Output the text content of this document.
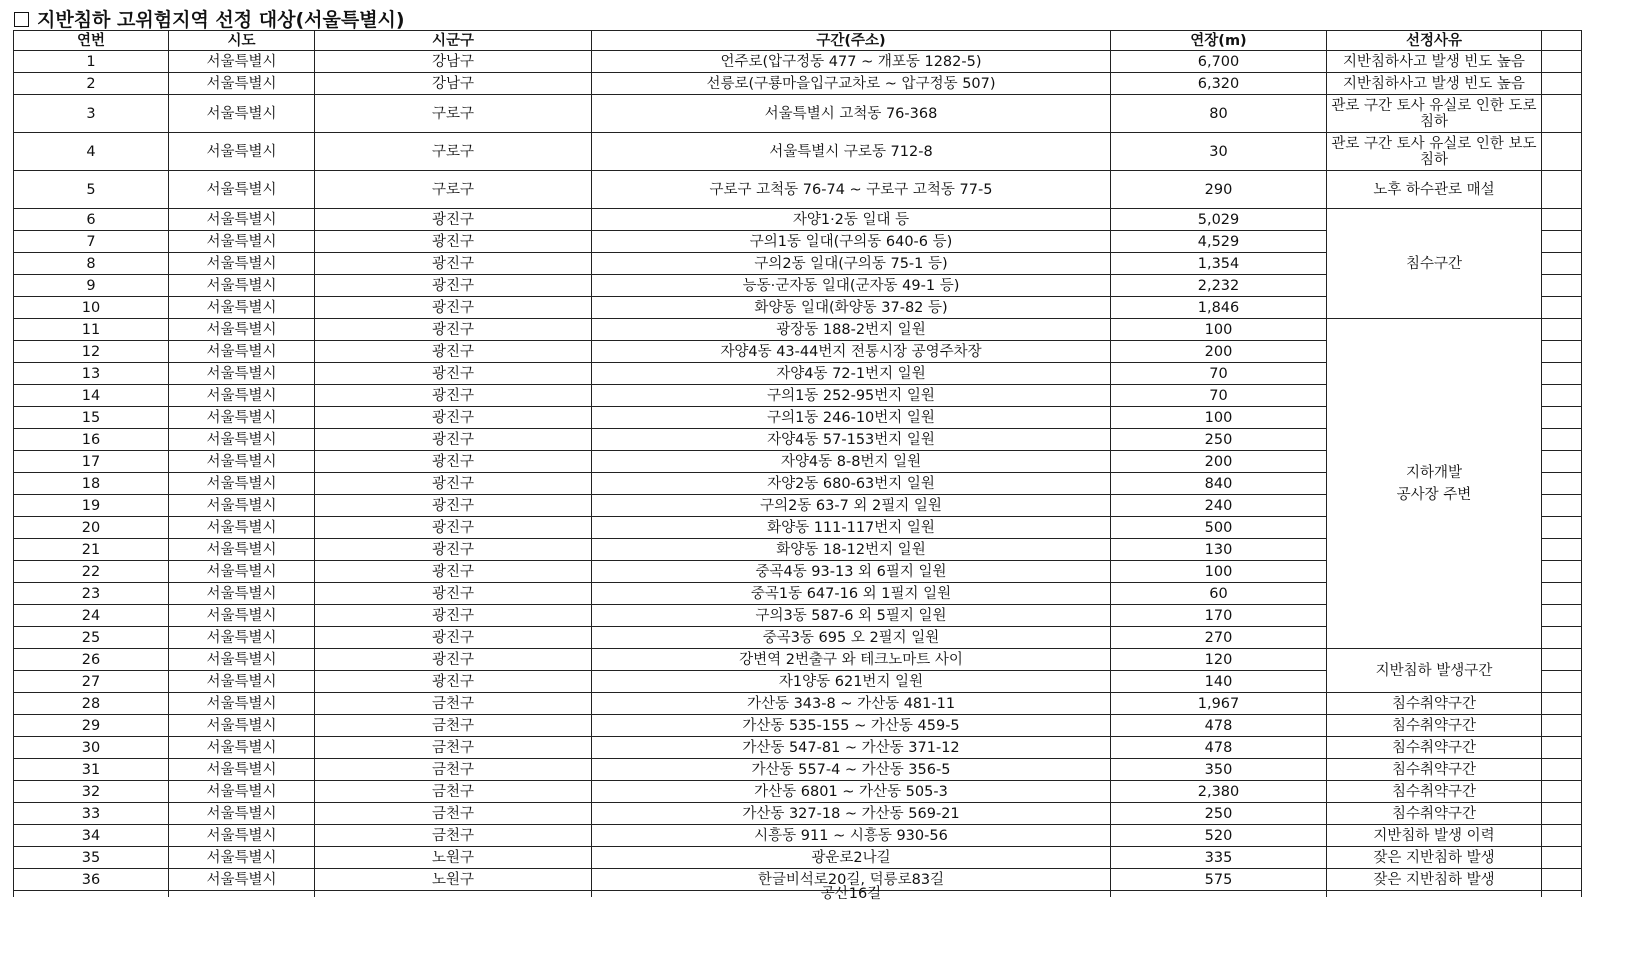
지반침하 고위험지역 선정 대상(서울특별시)
연번	시도	시군구	구간(주소)	연장(m)	선정사유	
1	서울특별시	강남구	언주로(압구정동 477 ~ 개포동 1282-5)	6,700	지반침하사고 발생 빈도 높음	
2	서울특별시	강남구	선릉로(구룡마을입구교차로 ~ 압구정동 507)	6,320	지반침하사고 발생 빈도 높음	
3	서울특별시	구로구	서울특별시 고척동 76-368	80	관로 구간 토사 유실로 인한 도로 침하	
4	서울특별시	구로구	서울특별시 구로동 712-8	30	관로 구간 토사 유실로 인한 보도 침하	
5	서울특별시	구로구	구로구 고척동 76-74 ~ 구로구 고척동 77-5	290	노후 하수관로 매설	
6	서울특별시	광진구	자양1·2동 일대 등	5,029	침수구간	
7	서울특별시	광진구	구의1동 일대(구의동 640-6 등)	4,529		
8	서울특별시	광진구	구의2동 일대(구의동 75-1 등)	1,354		
9	서울특별시	광진구	능동·군자동 일대(군자동 49-1 등)	2,232		
10	서울특별시	광진구	화양동 일대(화양동 37-82 등)	1,846		
11	서울특별시	광진구	광장동 188-2번지 일원	100	지하개발
공사장 주변	

12	서울특별시	광진구	자양4동 43-44번지 전통시장 공영주차장	200		
13	서울특별시	광진구	자양4동 72-1번지 일원	70		
14	서울특별시	광진구	구의1동 252-95번지 일원	70		
15	서울특별시	광진구	구의1동 246-10번지 일원	100		
16	서울특별시	광진구	자양4동 57-153번지 일원	250		
17	서울특별시	광진구	자양4동 8-8번지 일원	200		
18	서울특별시	광진구	자양2동 680-63번지 일원	840		
19	서울특별시	광진구	구의2동 63-7 외 2필지 일원	240		
20	서울특별시	광진구	화양동 111-117번지 일원	500		
21	서울특별시	광진구	화양동 18-12번지 일원	130		
22	서울특별시	광진구	중곡4동 93-13 외 6필지 일원	100		
23	서울특별시	광진구	중곡1동 647-16 외 1필지 일원	60		
24	서울특별시	광진구	구의3동 587-6 외 5필지 일원	170		
25	서울특별시	광진구	중곡3동 695 오 2필지 일원	270		
26	서울특별시	광진구	강변역 2번출구 와 테크노마트 사이	120	지반침하 발생구간	
27	서울특별시	광진구	자1양동 621번지 일원	140		
28	서울특별시	금천구	가산동 343-8 ~ 가산동 481-11	1,967	침수취약구간	
29	서울특별시	금천구	가산동 535-155 ~ 가산동 459-5	478	침수취약구간	
30	서울특별시	금천구	가산동 547-81 ~ 가산동 371-12	478	침수취약구간	
31	서울특별시	금천구	가산동 557-4 ~ 가산동 356-5	350	침수취약구간	
32	서울특별시	금천구	가산동 6801 ~ 가산동 505-3	2,380	침수취약구간	
33	서울특별시	금천구	가산동 327-18 ~ 가산동 569-21	250	침수취약구간	
34	서울특별시	금천구	시흥동 911 ~ 시흥동 930-56	520	지반침하 발생 이력	
35	서울특별시	노원구	광운로2나길	335	잦은 지반침하 발생	
36	서울특별시	노원구	한글비석로20길, 덕릉로83길	575	잦은 지반침하 발생	
			공산16길			
